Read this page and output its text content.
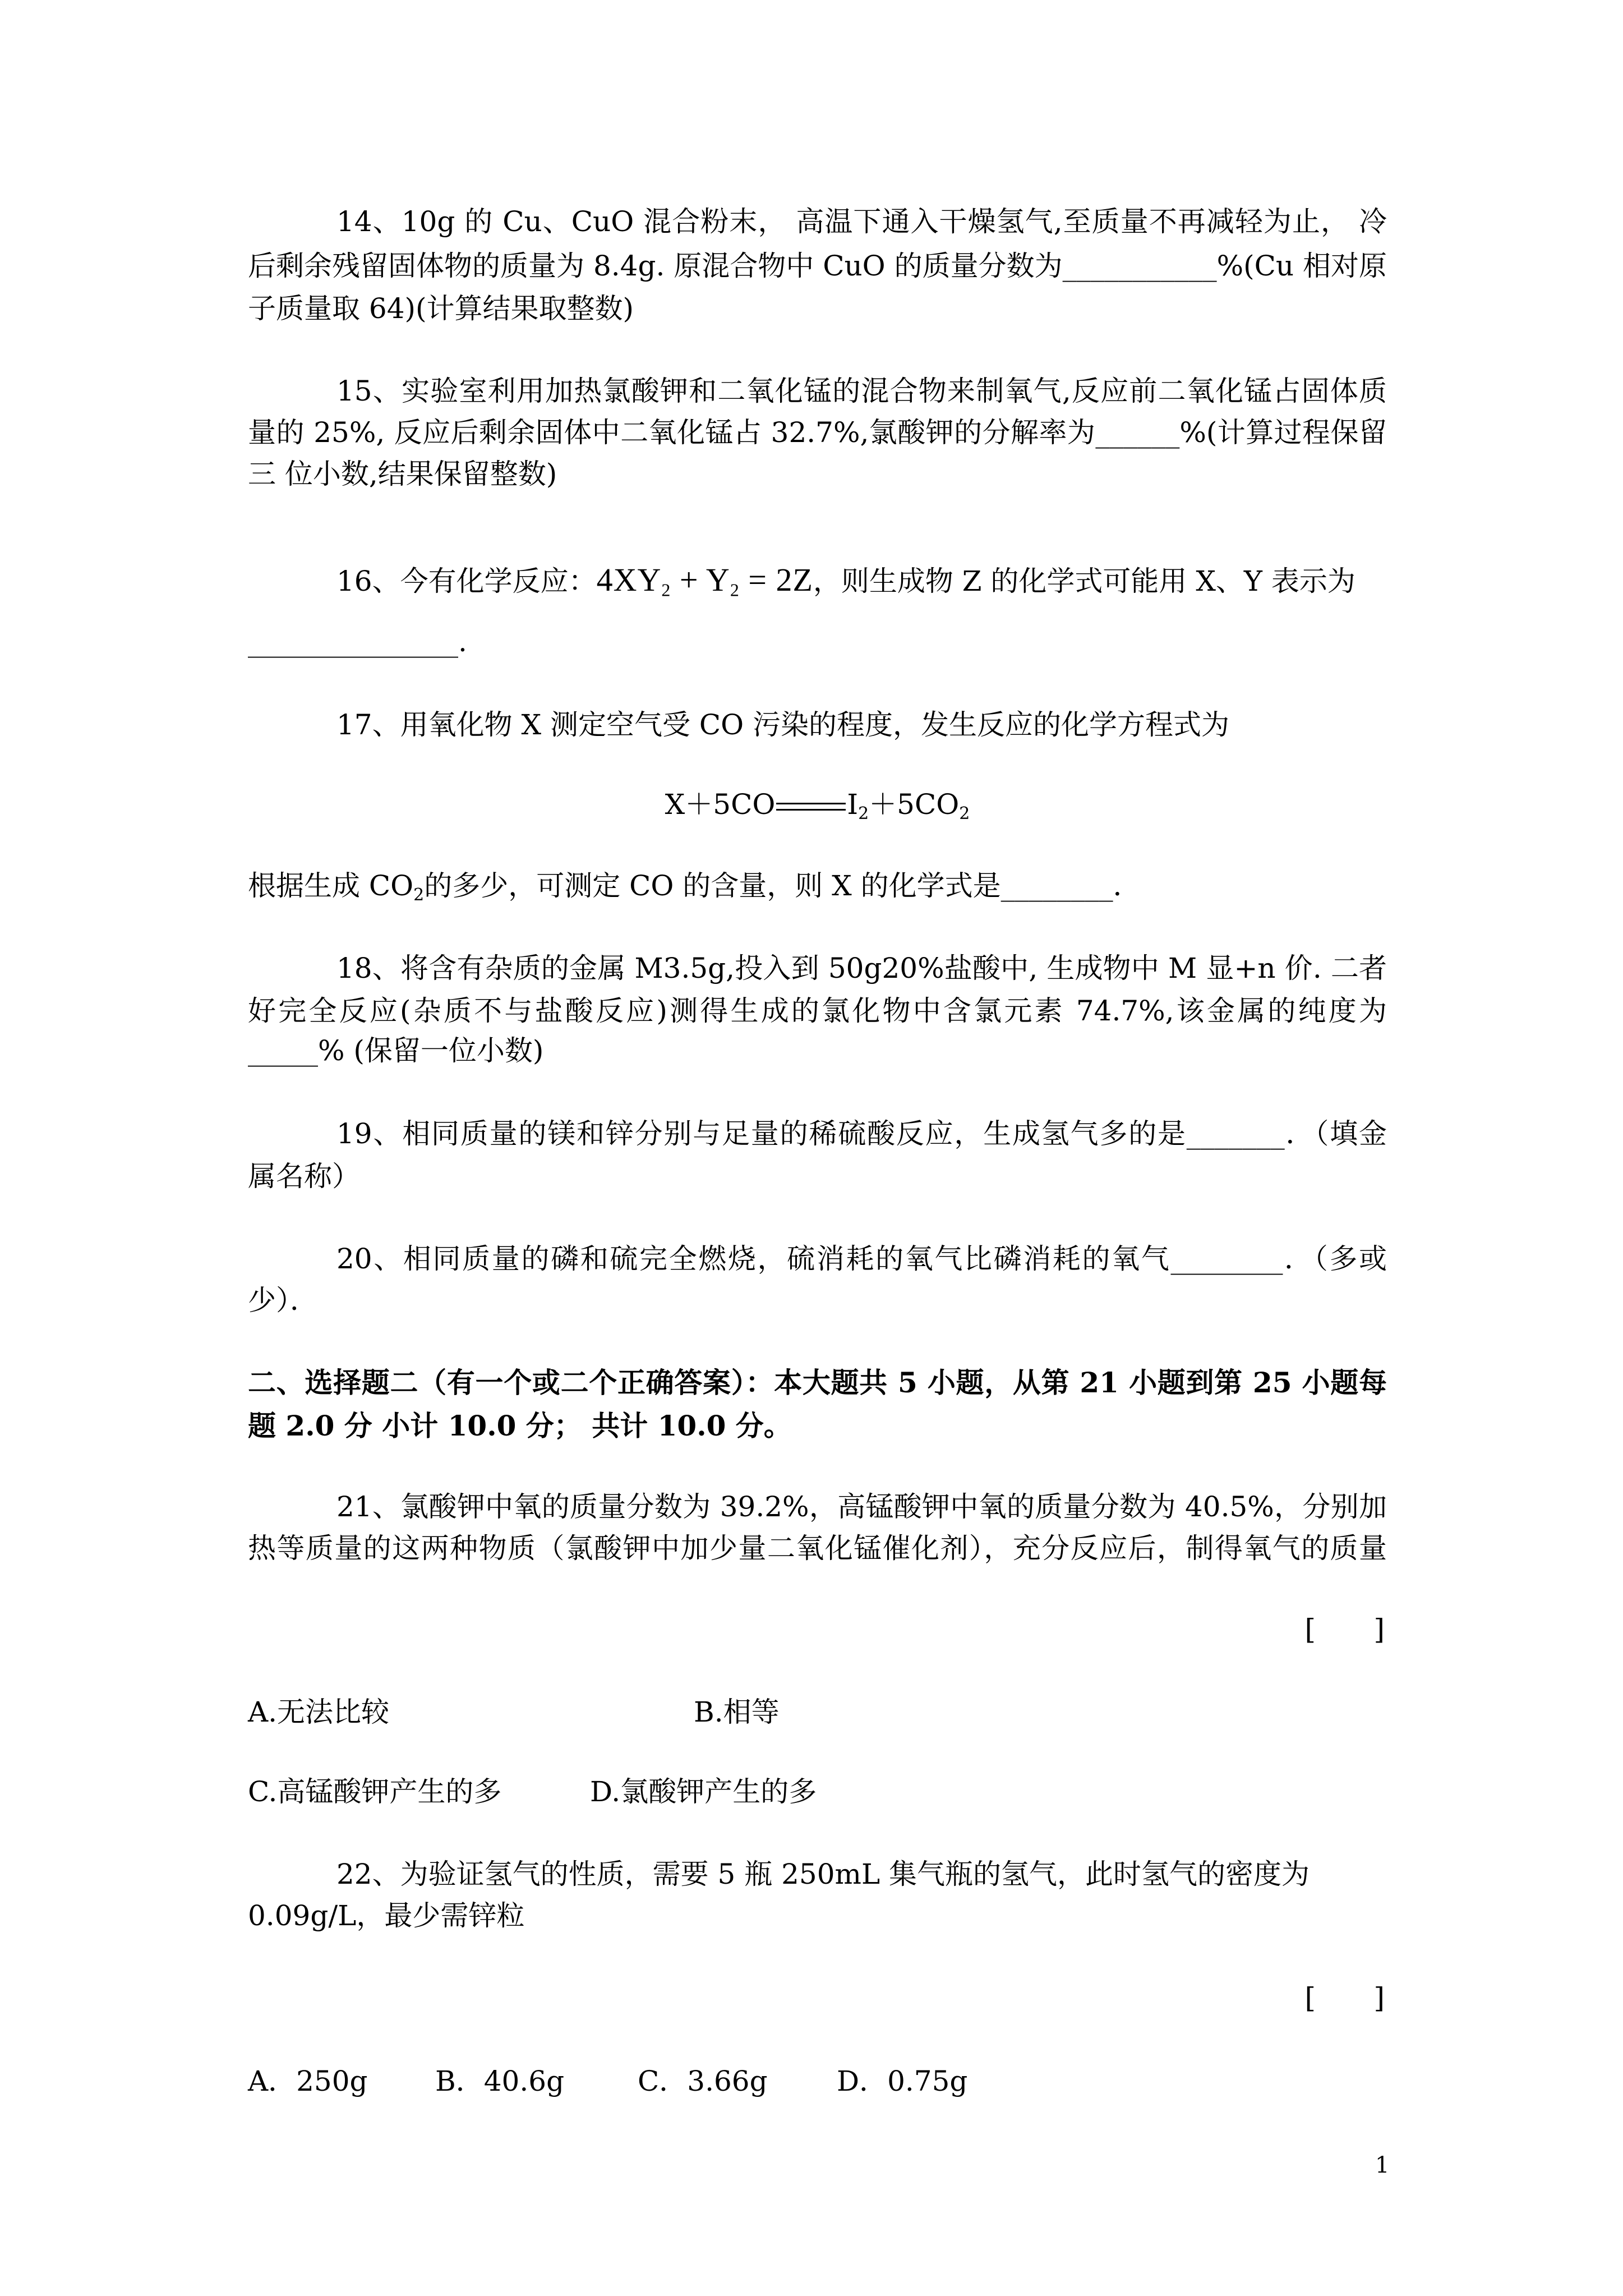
14、10g 的 Cu、CuO 混合粉末， 高温下通入干燥氢气,至质量不再减轻为止， 冷
后剩余残留固体物的质量为 8.4g. 原混合物中 CuO 的质量分数为___________%(Cu 相对原
子质量取 64)(计算结果取整数)
15、实验室利用加热氯酸钾和二氧化锰的混合物来制氧气,反应前二氧化锰占固体质
量的 25%, 反应后剩余固体中二氧化锰占 32.7%,氯酸钾的分解率为______%(计算过程保留
三 位小数,结果保留整数)
16、今有化学反应：$4XY_2 + Y_2 = 2Z$，则生成物 Z 的化学式可能用 X、Y 表示为
_______________.
17、用氧化物 X 测定空气受 CO 污染的程度，发生反应的化学方程式为
X＋5CO	$I_2+5CO_2$
根据生成 $CO_2$的多少，可测定 CO 的含量，则 X 的化学式是________．
18、将含有杂质的金属 M3.5g,投入到 50g20%盐酸中, 生成物中 M 显+n 价. 二者
好完全反应(杂质不与盐酸反应)测得生成的氯化物中含氯元素 74.7%,该金属的纯度为
_____% (保留一位小数)
19、相同质量的镁和锌分别与足量的稀硫酸反应，生成氢气多的是_______．（填金
属名称）
20、相同质量的磷和硫完全燃烧，硫消耗的氧气比磷消耗的氧气________．（多或
少）．
二、选择题二（有一个或二个正确答案）：本大题共 5 小题，从第 21 小题到第 25 小题每
题 2.0 分 小计 10.0 分； 共计 10.0 分。
21、氯酸钾中氧的质量分数为 39.2%，高锰酸钾中氧的质量分数为 40.5%，分别加
热等质量的这两种物质（氯酸钾中加少量二氧化锰催化剂），充分反应后，制得氧气的质量
[     ]
A.无法比较	B.相等
C.高锰酸钾产生的多	D.氯酸钾产生的多
22、为验证氢气的性质，需要 5 瓶 250mL 集气瓶的氢气，此时氢气的密度为
0.09g/L，最少需锌粒
[     ]
A．250g B．40.6g	C．3.66g D．0.75g
1
